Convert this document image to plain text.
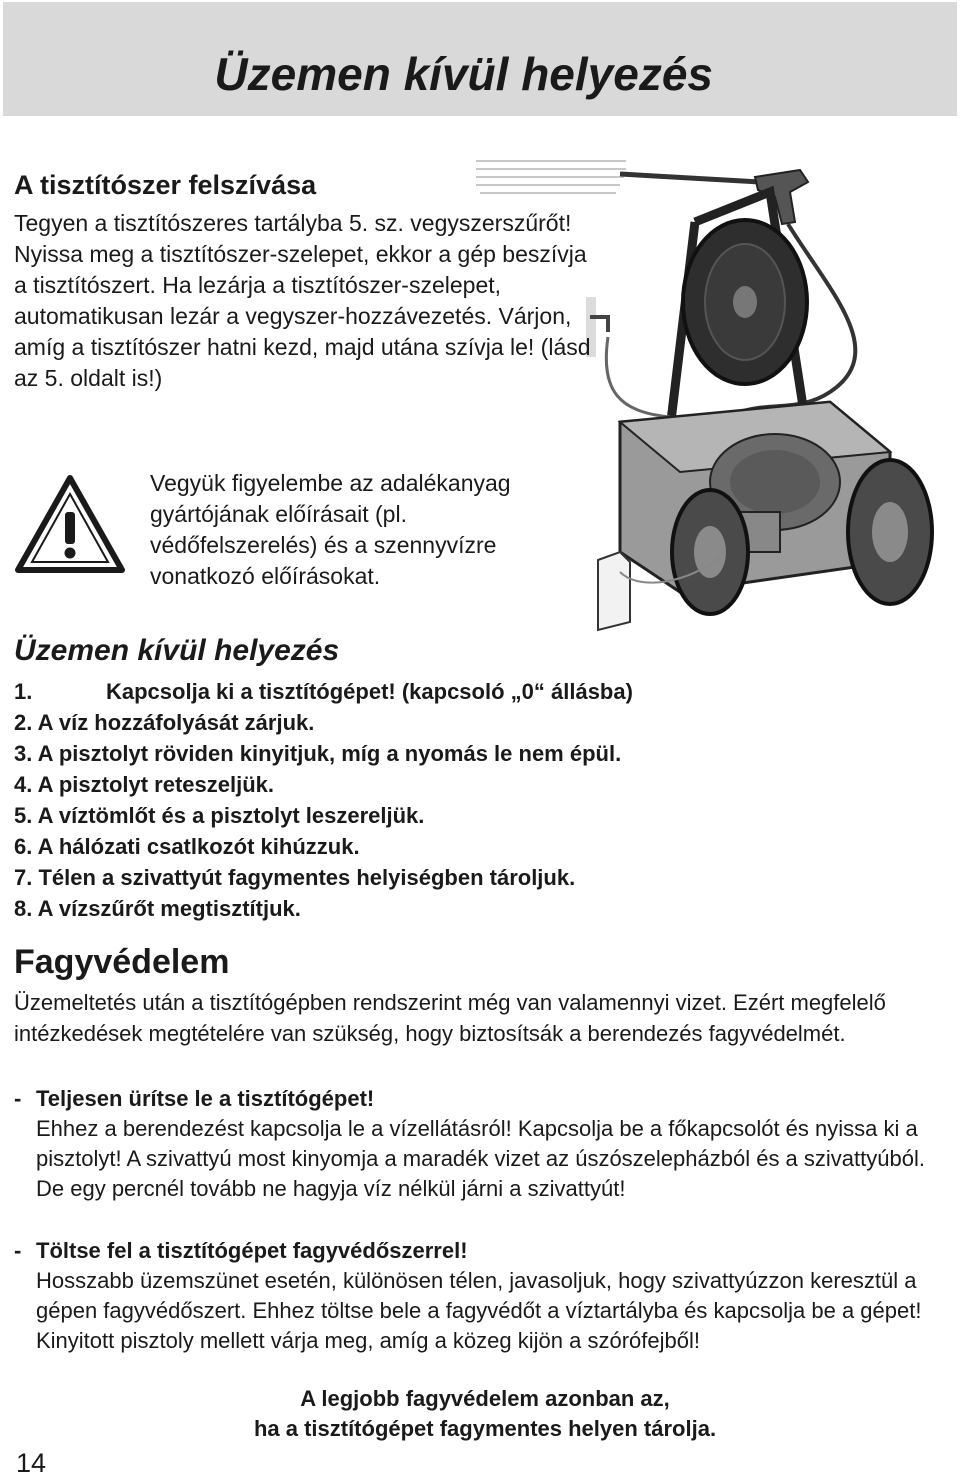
Üzemen kívül helyezés
A tisztítószer felszívása

Tegyen a tisztítószeres tartályba 5. sz. vegyszerszűrőt! Nyissa meg a tisztítószer-szelepet, ekkor a gép beszívja a tisztítószert. Ha lezárja a tisztítószer-szelepet, automatikusan lezár a vegyszer-hozzávezetés. Várjon, amíg a tisztítószer hatni kezd, majd utána szívja le! (lásd az 5. oldalt is!)

Vegyük figyelembe az adalékanyag gyártójának előírásait (pl. védőfelszerelés) és a szennyvízre vonatkozó előírásokat.

Üzemen kívül helyezés
1.	Kapcsolja ki a tisztítógépet! (kapcsoló „0“ állásba)
2. A víz hozzáfolyását zárjuk.
3. A pisztolyt röviden kinyitjuk, míg a nyomás le nem épül.
4. A pisztolyt reteszeljük.
5. A víztömlőt és a pisztolyt leszereljük.
6. A hálózati csatlkozót kihúzzuk.
7. Télen a szivattyút fagymentes helyiségben tároljuk.
8. A vízszűrőt megtisztítjuk.
Fagyvédelem

Üzemeltetés után a tisztítógépben rendszerint még van valamennyi vizet. Ezért megfelelő intézkedések megtételére van szükség, hogy biztosítsák a berendezés fagyvédelmét.

- Teljesen ürítse le a tisztítógépet!
Ehhez a berendezést kapcsolja le a vízellátásról! Kapcsolja be a főkapcsolót és nyissa ki a pisztolyt! A szivattyú most kinyomja a maradék vizet az úszószelepházból és a szivattyúból. De egy percnél tovább ne hagyja víz nélkül járni a szivattyút!
- Töltse fel a tisztítógépet fagyvédőszerrel!
Hosszabb üzemszünet esetén, különösen télen, javasoljuk, hogy szivattyúzzon keresztül a gépen fagyvédőszert. Ehhez töltse bele a fagyvédőt a víztartályba és kapcsolja be a gépet! Kinyitott pisztoly mellett várja meg, amíg a közeg kijön a szórófejből!
A legjobb fagyvédelem azonban az,
ha a tisztítógépet fagymentes helyen tárolja.
14
